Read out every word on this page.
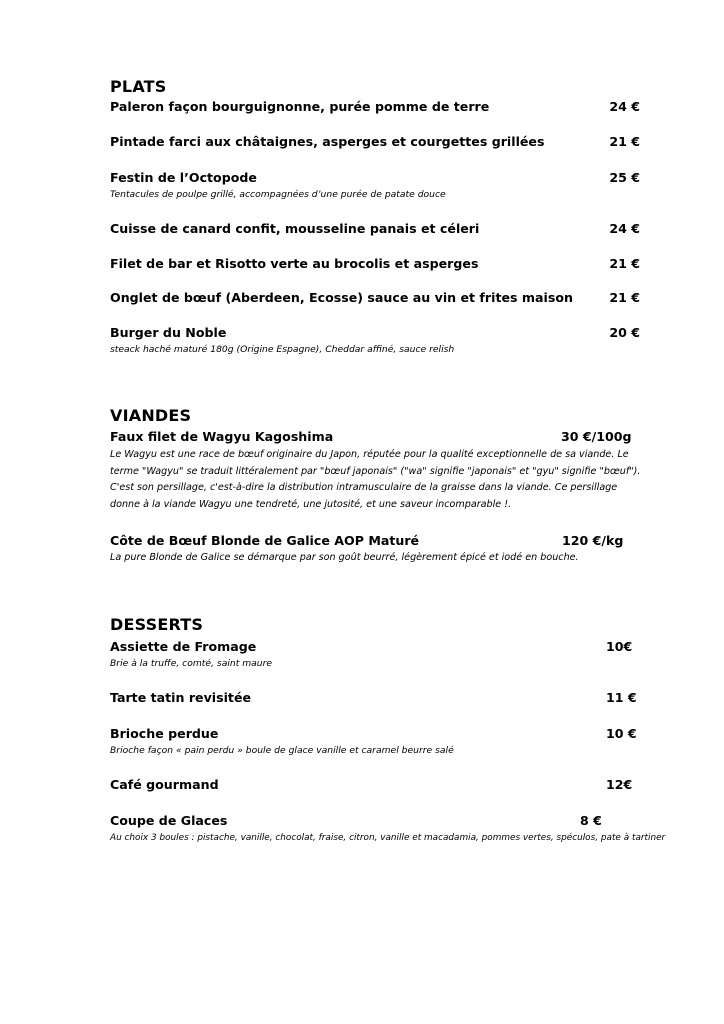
PLATS
Paleron façon bourguignonne, purée pomme de terre	24 €
Pintade farci aux châtaignes, asperges et courgettes grillées	21 €
Festin de l’Octopode	25 €
Tentacules de poulpe grillé, accompagnées d’une purée de patate douce
Cuisse de canard confit, mousseline panais et céleri	24 €
Filet de bar et Risotto verte au brocolis et asperges	21 €
Onglet de bœuf (Aberdeen, Ecosse) sauce au vin et frites maison	21 €
Burger du Noble	20 €
steack haché maturé 180g (Origine Espagne), Cheddar affiné, sauce relish
VIANDES
Faux filet de Wagyu Kagoshima	30 €/100g
Le Wagyu est une race de bœuf originaire du Japon, réputée pour la qualité exceptionnelle de sa viande. Le terme "Wagyu" se traduit littéralement par "bœuf japonais" ("wa" signifie "japonais" et "gyu" signifie "bœuf"). C'est son persillage, c'est-à-dire la distribution intramusculaire de la graisse dans la viande. Ce persillage donne à la viande Wagyu une tendreté, une jutosité, et une saveur incomparable !.
Côte de Bœuf Blonde de Galice AOP Maturé	120 €/kg
La pure Blonde de Galice se démarque par son goût beurré, légèrement épicé et iodé en bouche.
DESSERTS
Assiette de Fromage	10€
Brie à la truffe, comté, saint maure
Tarte tatin revisitée	11 €
Brioche perdue	10 €
Brioche façon « pain perdu » boule de glace vanille et caramel beurre salé
Café gourmand	12€
Coupe de Glaces	8 €
Au choix 3 boules : pistache, vanille, chocolat, fraise, citron, vanille et macadamia, pommes vertes, spéculos, pate à tartiner
